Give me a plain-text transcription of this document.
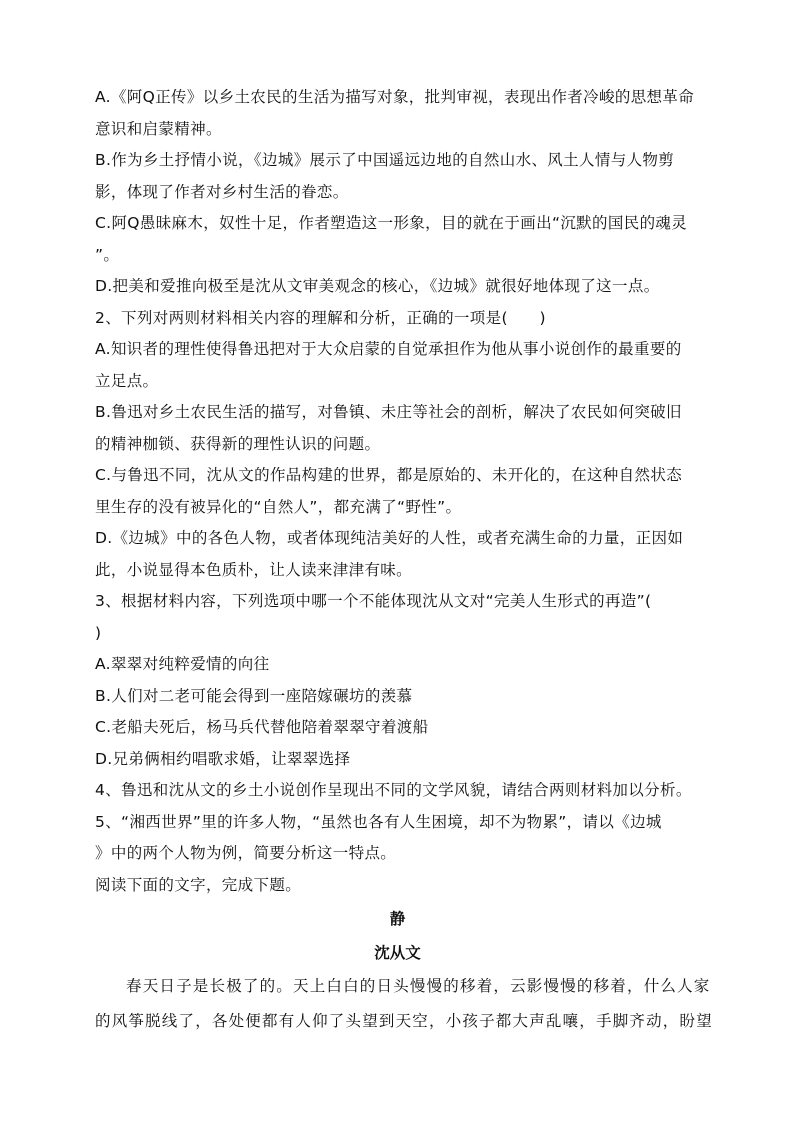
A.《阿Q正传》以乡土农民的生活为描写对象，批判审视，表现出作者冷峻的思想革命
意识和启蒙精神。
B.作为乡土抒情小说，《边城》展示了中国遥远边地的自然山水、风土人情与人物剪
影，体现了作者对乡村生活的眷恋。
C.阿Q愚昧麻木，奴性十足，作者塑造这一形象，目的就在于画出“沉默的国民的魂灵
”。
D.把美和爱推向极至是沈从文审美观念的核心，《边城》就很好地体现了这一点。
2、下列对两则材料相关内容的理解和分析，正确的一项是(　　)
A.知识者的理性使得鲁迅把对于大众启蒙的自觉承担作为他从事小说创作的最重要的
立足点。
B.鲁迅对乡土农民生活的描写，对鲁镇、未庄等社会的剖析，解决了农民如何突破旧
的精神枷锁、获得新的理性认识的问题。
C.与鲁迅不同，沈从文的作品构建的世界，都是原始的、未开化的，在这种自然状态
里生存的没有被异化的“自然人”，都充满了“野性”。
D.《边城》中的各色人物，或者体现纯洁美好的人性，或者充满生命的力量，正因如
此，小说显得本色质朴，让人读来津津有味。
3、根据材料内容，下列选项中哪一个不能体现沈从文对“完美人生形式的再造”(
)
A.翠翠对纯粹爱情的向往
B.人们对二老可能会得到一座陪嫁碾坊的羡慕
C.老船夫死后，杨马兵代替他陪着翠翠守着渡船
D.兄弟俩相约唱歌求婚，让翠翠选择
4、鲁迅和沈从文的乡土小说创作呈现出不同的文学风貌，请结合两则材料加以分析。
5、“湘西世界”里的许多人物，“虽然也各有人生困境，却不为物累”，请以《边城
》中的两个人物为例，简要分析这一特点。
阅读下面的文字，完成下题。
静
沈从文
春天日子是长极了的。天上白白的日头慢慢的移着，云影慢慢的移着，什么人家
的风筝脱线了，各处便都有人仰了头望到天空，小孩子都大声乱嚷，手脚齐动，盼望
